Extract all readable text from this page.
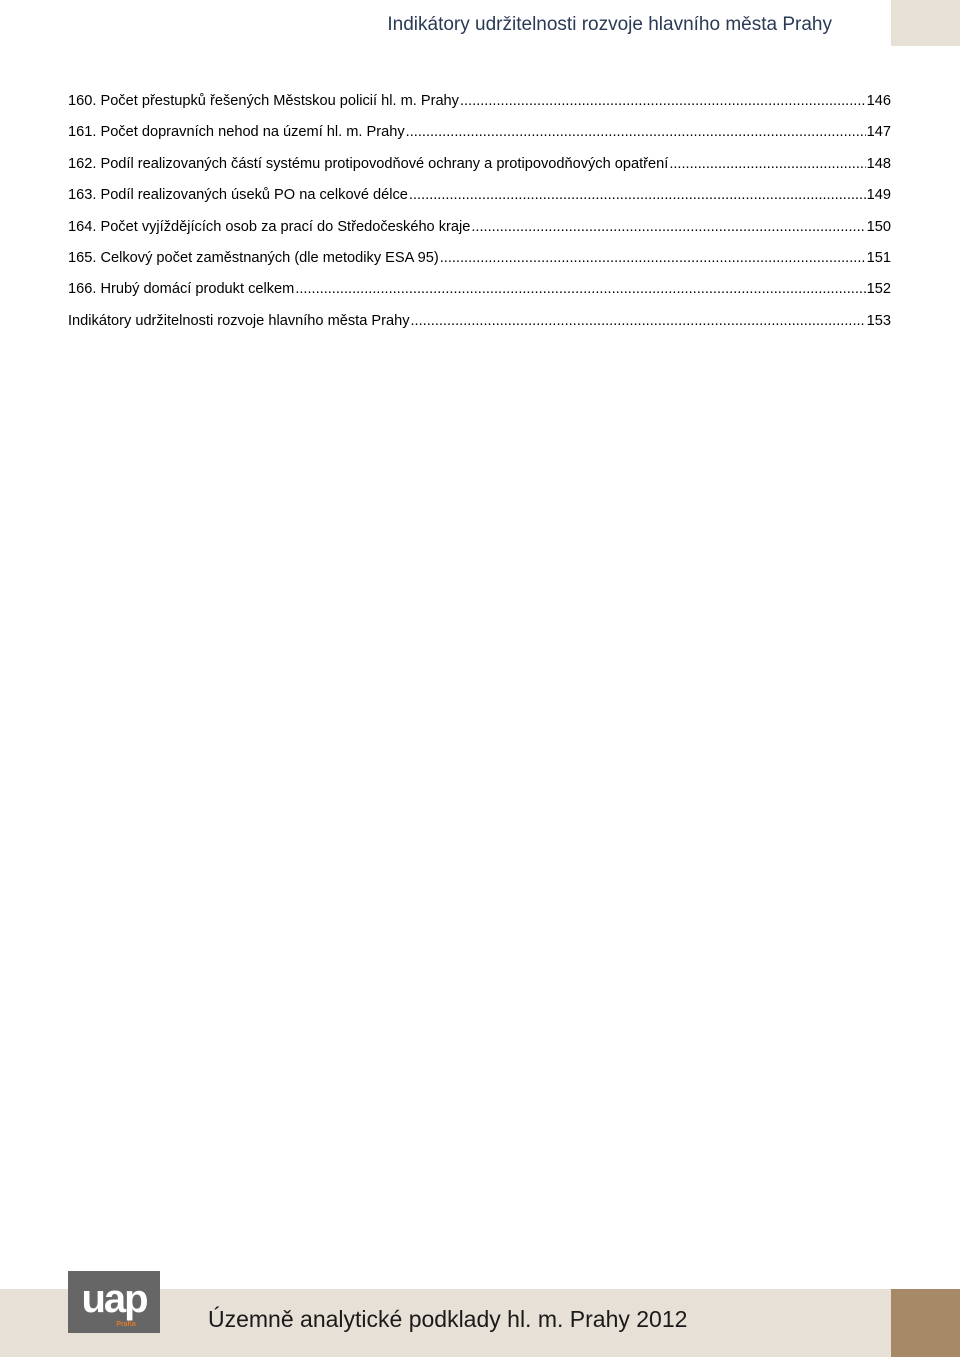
Indikátory udržitelnosti rozvoje hlavního města Prahy
160. Počet přestupků řešených Městskou policií hl. m. Prahy .....	146
161. Počet dopravních nehod na území hl. m. Prahy .....	147
162. Podíl realizovaných částí systému protipovodňové ochrany a protipovodňových opatření .....	148
163. Podíl realizovaných úseků PO na celkové délce .....	149
164. Počet vyjíždějících osob za prací do Středočeského kraje .....	150
165. Celkový počet zaměstnaných (dle metodiky ESA 95) .....	151
166. Hrubý domácí produkt celkem .....	152
Indikátory udržitelnosti rozvoje hlavního města Prahy .....	153
uap
Praha	Územně analytické podklady hl. m. Prahy 2012
